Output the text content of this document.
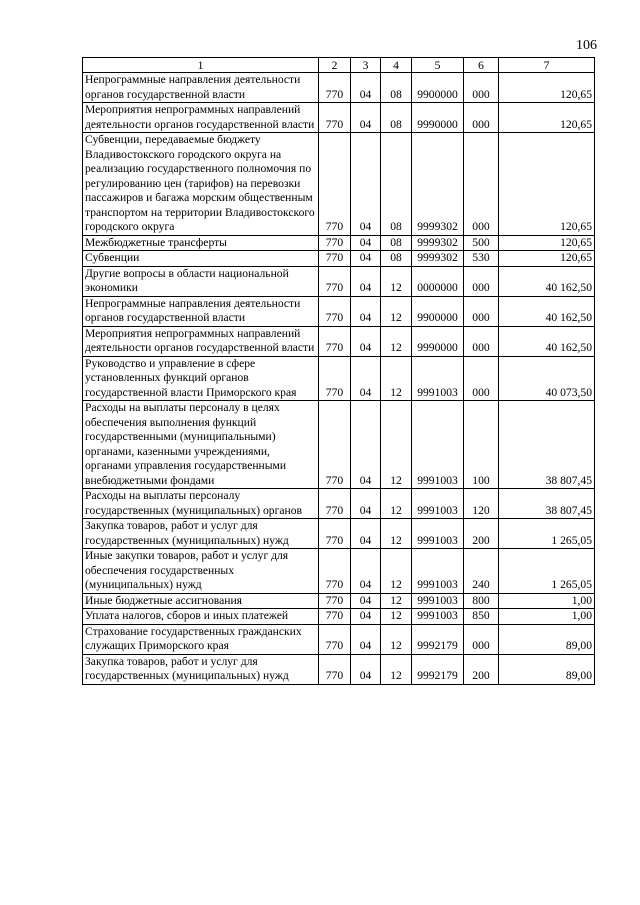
106
1	2	3	4	5	6	7
Непрограммные направления деятельности органов государственной власти	770	04	08	9900000	000	120,65
Мероприятия непрограммных направлений деятельности органов государственной власти	770	04	08	9990000	000	120,65
Субвенции, передаваемые бюджету Владивостокского городского округа на реализацию государственного полномочия по регулированию цен (тарифов) на перевозки пассажиров и багажа морским общественным транспортом на территории Владивостокского городского округа	770	04	08	9999302	000	120,65
Межбюджетные трансферты	770	04	08	9999302	500	120,65
Субвенции	770	04	08	9999302	530	120,65
Другие вопросы в области национальной экономики	770	04	12	0000000	000	40 162,50
Непрограммные направления деятельности органов государственной власти	770	04	12	9900000	000	40 162,50
Мероприятия непрограммных направлений деятельности органов государственной власти	770	04	12	9990000	000	40 162,50
Руководство и управление в сфере установленных функций органов государственной власти Приморского края	770	04	12	9991003	000	40 073,50
Расходы на выплаты персоналу в целях обеспечения выполнения функций государственными (муниципальными) органами, казенными учреждениями, органами управления государственными внебюджетными фондами	770	04	12	9991003	100	38 807,45
Расходы на выплаты персоналу государственных (муниципальных) органов	770	04	12	9991003	120	38 807,45
Закупка товаров, работ и услуг для государственных (муниципальных) нужд	770	04	12	9991003	200	1 265,05
Иные закупки товаров, работ и услуг для обеспечения государственных (муниципальных) нужд	770	04	12	9991003	240	1 265,05
Иные бюджетные ассигнования	770	04	12	9991003	800	1,00
Уплата налогов, сборов и иных платежей	770	04	12	9991003	850	1,00
Страхование государственных гражданских служащих Приморского края	770	04	12	9992179	000	89,00
Закупка товаров, работ и услуг для государственных (муниципальных) нужд	770	04	12	9992179	200	89,00
